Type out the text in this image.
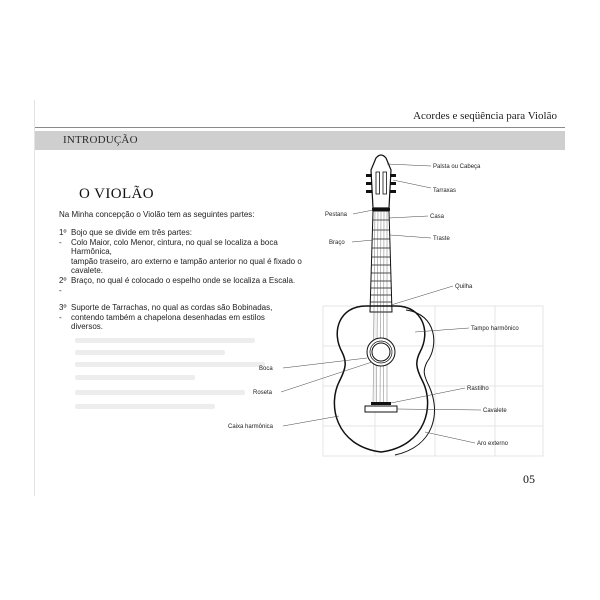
Acordes e seqüência para Violão
INTRODUÇÃO
O VIOLÃO
Na Minha concepção o Violão tem as seguintes partes:
1º -
Bojo que se divide em três partes:
Colo Maior, colo Menor, cintura, no qual se localiza a boca Harmônica,
tampão traseiro, aro externo e tampão anterior no qual é fixado o cavalete.
2º -
Braço, no qual é colocado o espelho onde se localiza a Escala.
3º -
Suporte de Tarrachas, no qual as cordas são Bobinadas,
contendo também a chapelona desenhadas em estilos
diversos.
Palsta ou Cabeça
Tarraxas
Pestana	Casa
Braço
Traste
Quilha
Tampo harmônico
Boca
Roseta
Rastilho
Cavalete
Caixa harmônica
Aro externo
05
